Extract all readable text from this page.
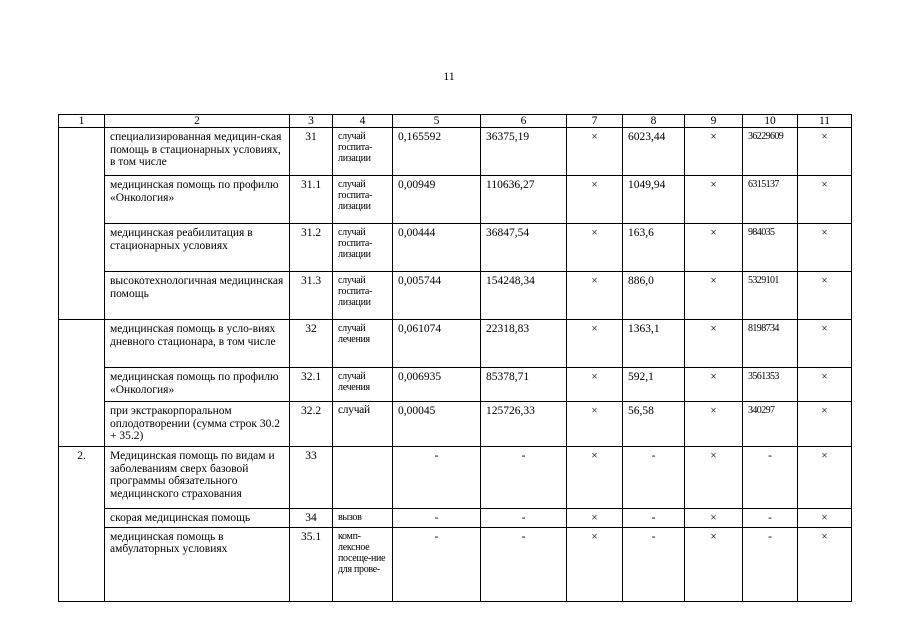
11
1	2	3	4	5	6	7	8	9	10	11
	специализированная медицин-ская помощь в стационарных условиях, в том числе	31	случай госпита-лизации	0,165592	36375,19	×	6023,44	×	36229609	×
	медицинская помощь по профилю «Онкология»	31.1	случай госпита-лизации	0,00949	110636,27	×	1049,94	×	6315137	×
	медицинская реабилитация в стационарных условиях	31.2	случай госпита-лизации	0,00444	36847,54	×	163,6	×	984035	×
	высокотехнологичная медицинская помощь	31.3	случай госпита-лизации	0,005744	154248,34	×	886,0	×	5329101	×
	медицинская помощь в усло-виях дневного стационара, в том числе	32	случай лечения	0,061074	22318,83	×	1363,1	×	8198734	×
	медицинская помощь по профилю «Онкология»	32.1	случай лечения	0,006935	85378,71	×	592,1	×	3561353	×
	при экстракорпоральном оплодотворении (сумма строк 30.2 + 35.2)	32.2	случай	0,00045	125726,33	×	56,58	×	340297	×
2.	Медицинская помощь по видам и заболеваниям сверх базовой программы обязательного медицинского страхования	33		-	-	×	-	×	-	×
	скорая медицинская помощь	34	вызов	-	-	×	-	×	-	×
	медицинская помощь в амбулаторных условиях	35.1	комп-лексное посеще-ние для прове-	-	-	×	-	×	-	×
